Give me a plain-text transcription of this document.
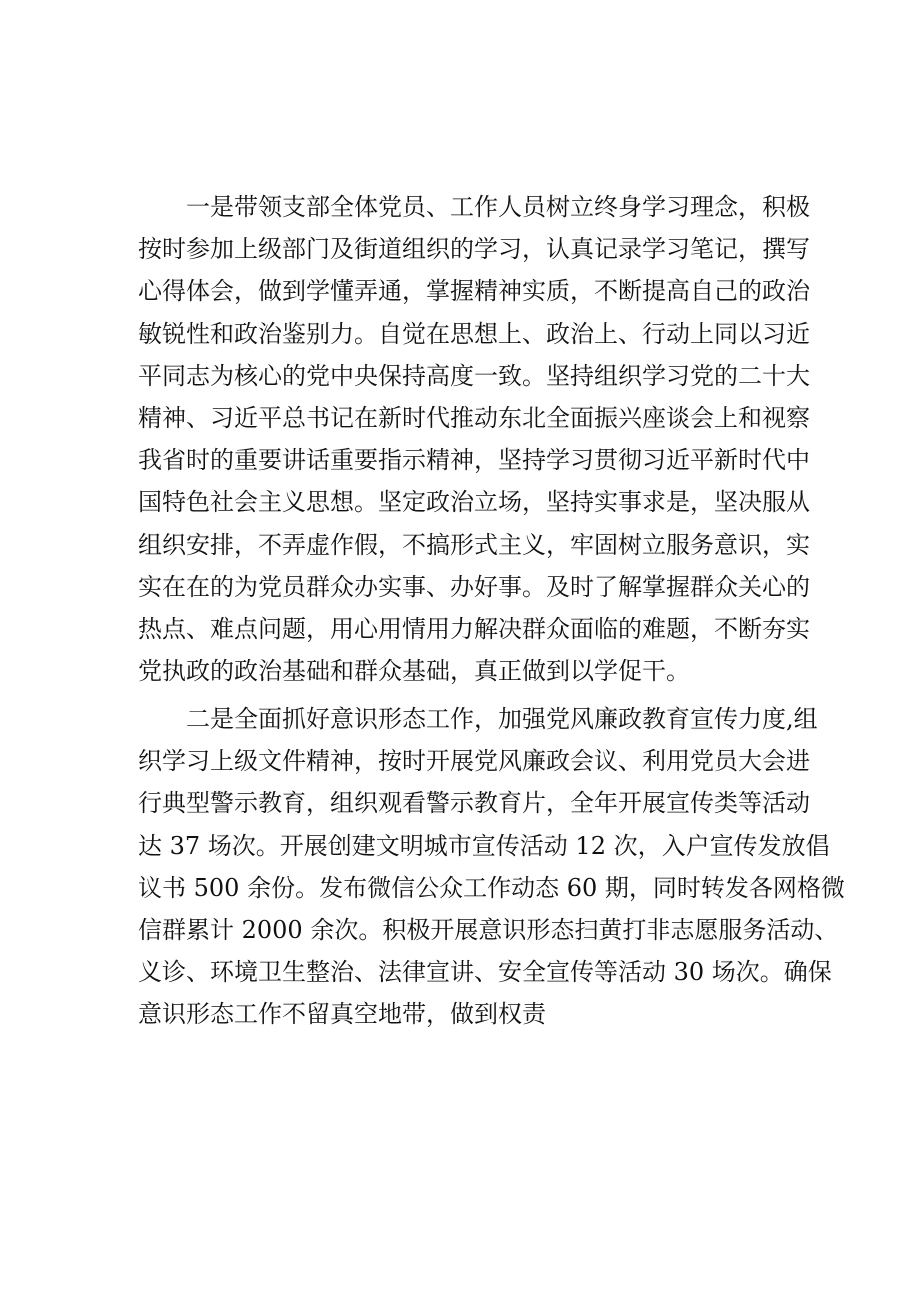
一是带领支部全体党员、工作人员树立终身学习理念，积极
按时参加上级部门及街道组织的学习，认真记录学习笔记，撰写
心得体会，做到学懂弄通，掌握精神实质，不断提高自己的政治
敏锐性和政治鉴别力。自觉在思想上、政治上、行动上同以习近
平同志为核心的党中央保持高度一致。坚持组织学习党的二十大
精神、习近平总书记在新时代推动东北全面振兴座谈会上和视察
我省时的重要讲话重要指示精神，坚持学习贯彻习近平新时代中
国特色社会主义思想。坚定政治立场，坚持实事求是，坚决服从
组织安排，不弄虚作假，不搞形式主义，牢固树立服务意识，实
实在在的为党员群众办实事、办好事。及时了解掌握群众关心的
热点、难点问题，用心用情用力解决群众面临的难题，不断夯实
党执政的政治基础和群众基础，真正做到以学促干。
二是全面抓好意识形态工作，加强党风廉政教育宣传力度,组
织学习上级文件精神，按时开展党风廉政会议、利用党员大会进
行典型警示教育，组织观看警示教育片，全年开展宣传类等活动
达 37 场次。开展创建文明城市宣传活动 12 次，入户宣传发放倡
议书 500 余份。发布微信公众工作动态 60 期，同时转发各网格微
信群累计 2000 余次。积极开展意识形态扫黄打非志愿服务活动、
义诊、环境卫生整治、法律宣讲、安全宣传等活动 30 场次。确保
意识形态工作不留真空地带，做到权责
